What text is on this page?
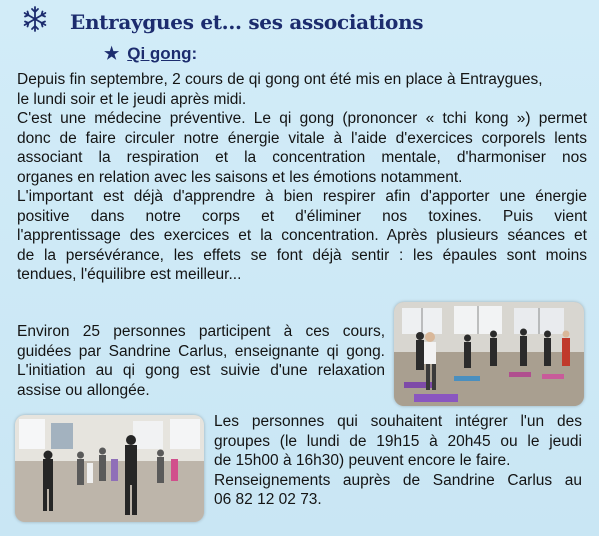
Entraygues et... ses associations
★ Qi gong:
Depuis fin septembre, 2 cours de qi gong ont été mis en place à Entraygues,
le lundi soir et le jeudi après midi.
C'est une médecine préventive. Le qi gong (prononcer « tchi kong ») permet
donc de faire circuler notre énergie vitale à l'aide d'exercices corporels lents
associant la respiration et la concentration mentale, d'harmoniser nos
organes en relation avec les saisons et les émotions notamment.
L'important est déjà d'apprendre à bien respirer afin d'apporter une énergie
positive dans notre corps et d'éliminer nos toxines. Puis vient
l'apprentissage des exercices et la concentration. Après plusieurs séances et
de la persévérance, les effets se font déjà sentir : les épaules sont moins
tendues, l'équilibre est meilleur...
Environ 25 personnes participent à ces cours,
guidées par Sandrine Carlus, enseignante qi gong.
L'initiation au qi gong est suivie d'une relaxation
assise ou allongée.
Les personnes qui souhaitent intégrer l'un des
groupes (le lundi de 19h15 à 20h45 ou le jeudi
de 15h00 à 16h30) peuvent encore le faire.
Renseignements auprès de Sandrine Carlus au
06 82 12 02 73.
